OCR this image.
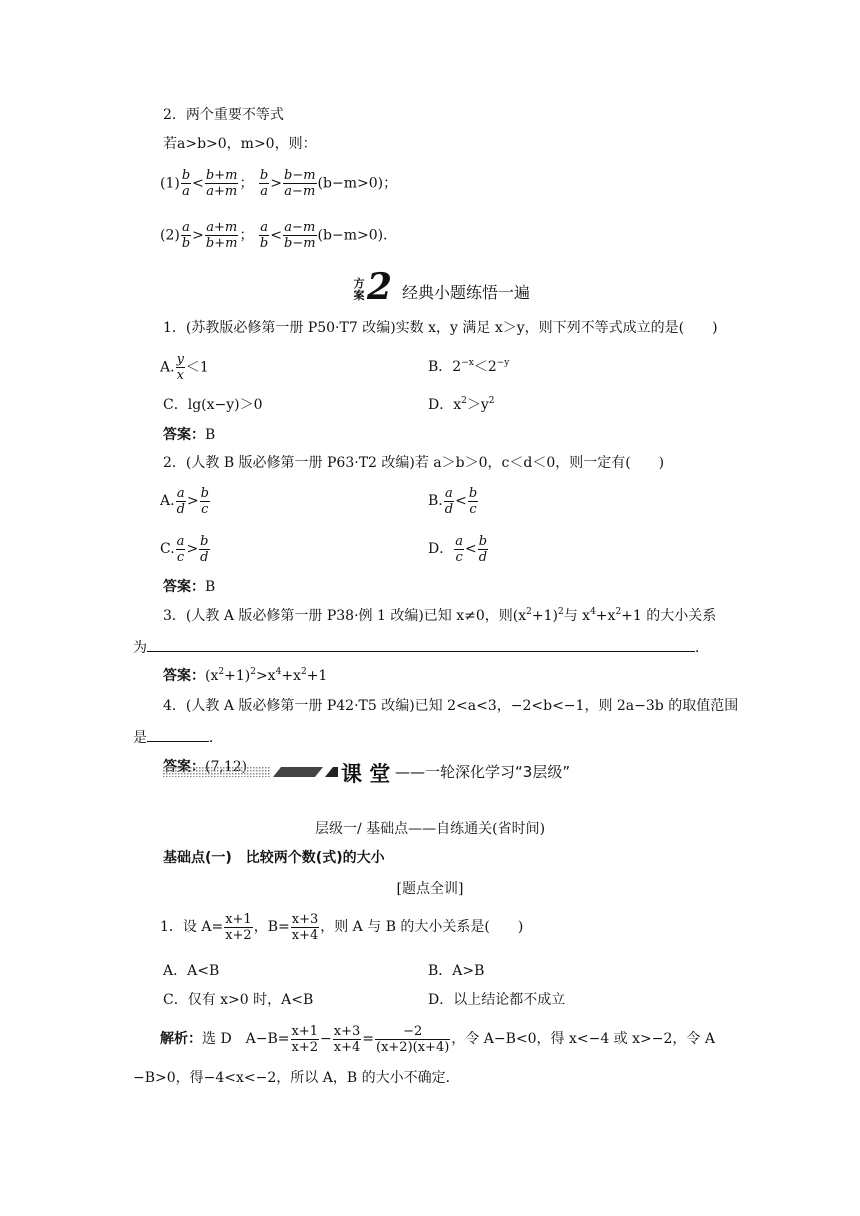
2．两个重要不等式
若a>b>0，m>0，则：
$(1) \frac{b}{a} < \frac{b+m}{a+m}$ ； $\frac{b}{a} > \frac{b-m}{a-m} (b-m>0)$；
$(2) \frac{a}{b} > \frac{a+m}{b+m}$ ； $\frac{a}{b} < \frac{a-m}{b-m} (b-m>0)$．
方案 2 经典小题练悟一遍
1．(苏教版必修第一册 P50·T7 改编)实数 x，y 满足 x＞y，则下列不等式成立的是(　　)
A. $\frac{y}{x} <1$	B．$2^{-x}<2^{-y}$
C．lg(x−y)＞0	D．$x^2>y^2$
答案：B
2．(人教 B 版必修第一册 P63·T2 改编)若 a＞b＞0，c＜d＜0，则一定有(　　)
A. $\frac{a}{d} > \frac{b}{c}$	B. $\frac{a}{d} < \frac{b}{c}$
C. $\frac{a}{c} > \frac{b}{d}$	D． $\frac{a}{c} < \frac{b}{d}$
答案：B
3．(人教 A 版必修第一册 P38·例 1 改编)已知 x≠0，则$(x^2+1)^2$与 $x^4+x^2+1$ 的大小关系
为	．
答案：$(x^2+1)^2>x^4+x^2+1$
4．(人教 A 版必修第一册 P42·T5 改编)已知 2<a<3，−2<b<−1，则 2a−3b 的取值范围
是	．
课 堂 ——一轮深化学习“3层级”
层级一/ 基础点——自练通关(省时间)
基础点(一)　比较两个数(式)的大小
[题点全训]
1．设 $A= \frac{x+1}{x+2}$ ，$B= \frac{x+3}{x+4}$ ，则 A 与 B 的大小关系是(　　)
A．A<B	B．A>B
C．仅有 x>0 时，A<B	D．以上结论都不成立
解析：选 D　$A-B= \frac{x+1}{x+2} - \frac{x+3}{x+4} = \frac{-2}{(x+2)(x+4)}$ ，令 A−B<0，得 x<−4 或 x>−2，令 A
−B>0，得−4<x<−2，所以 A，B 的大小不确定．
